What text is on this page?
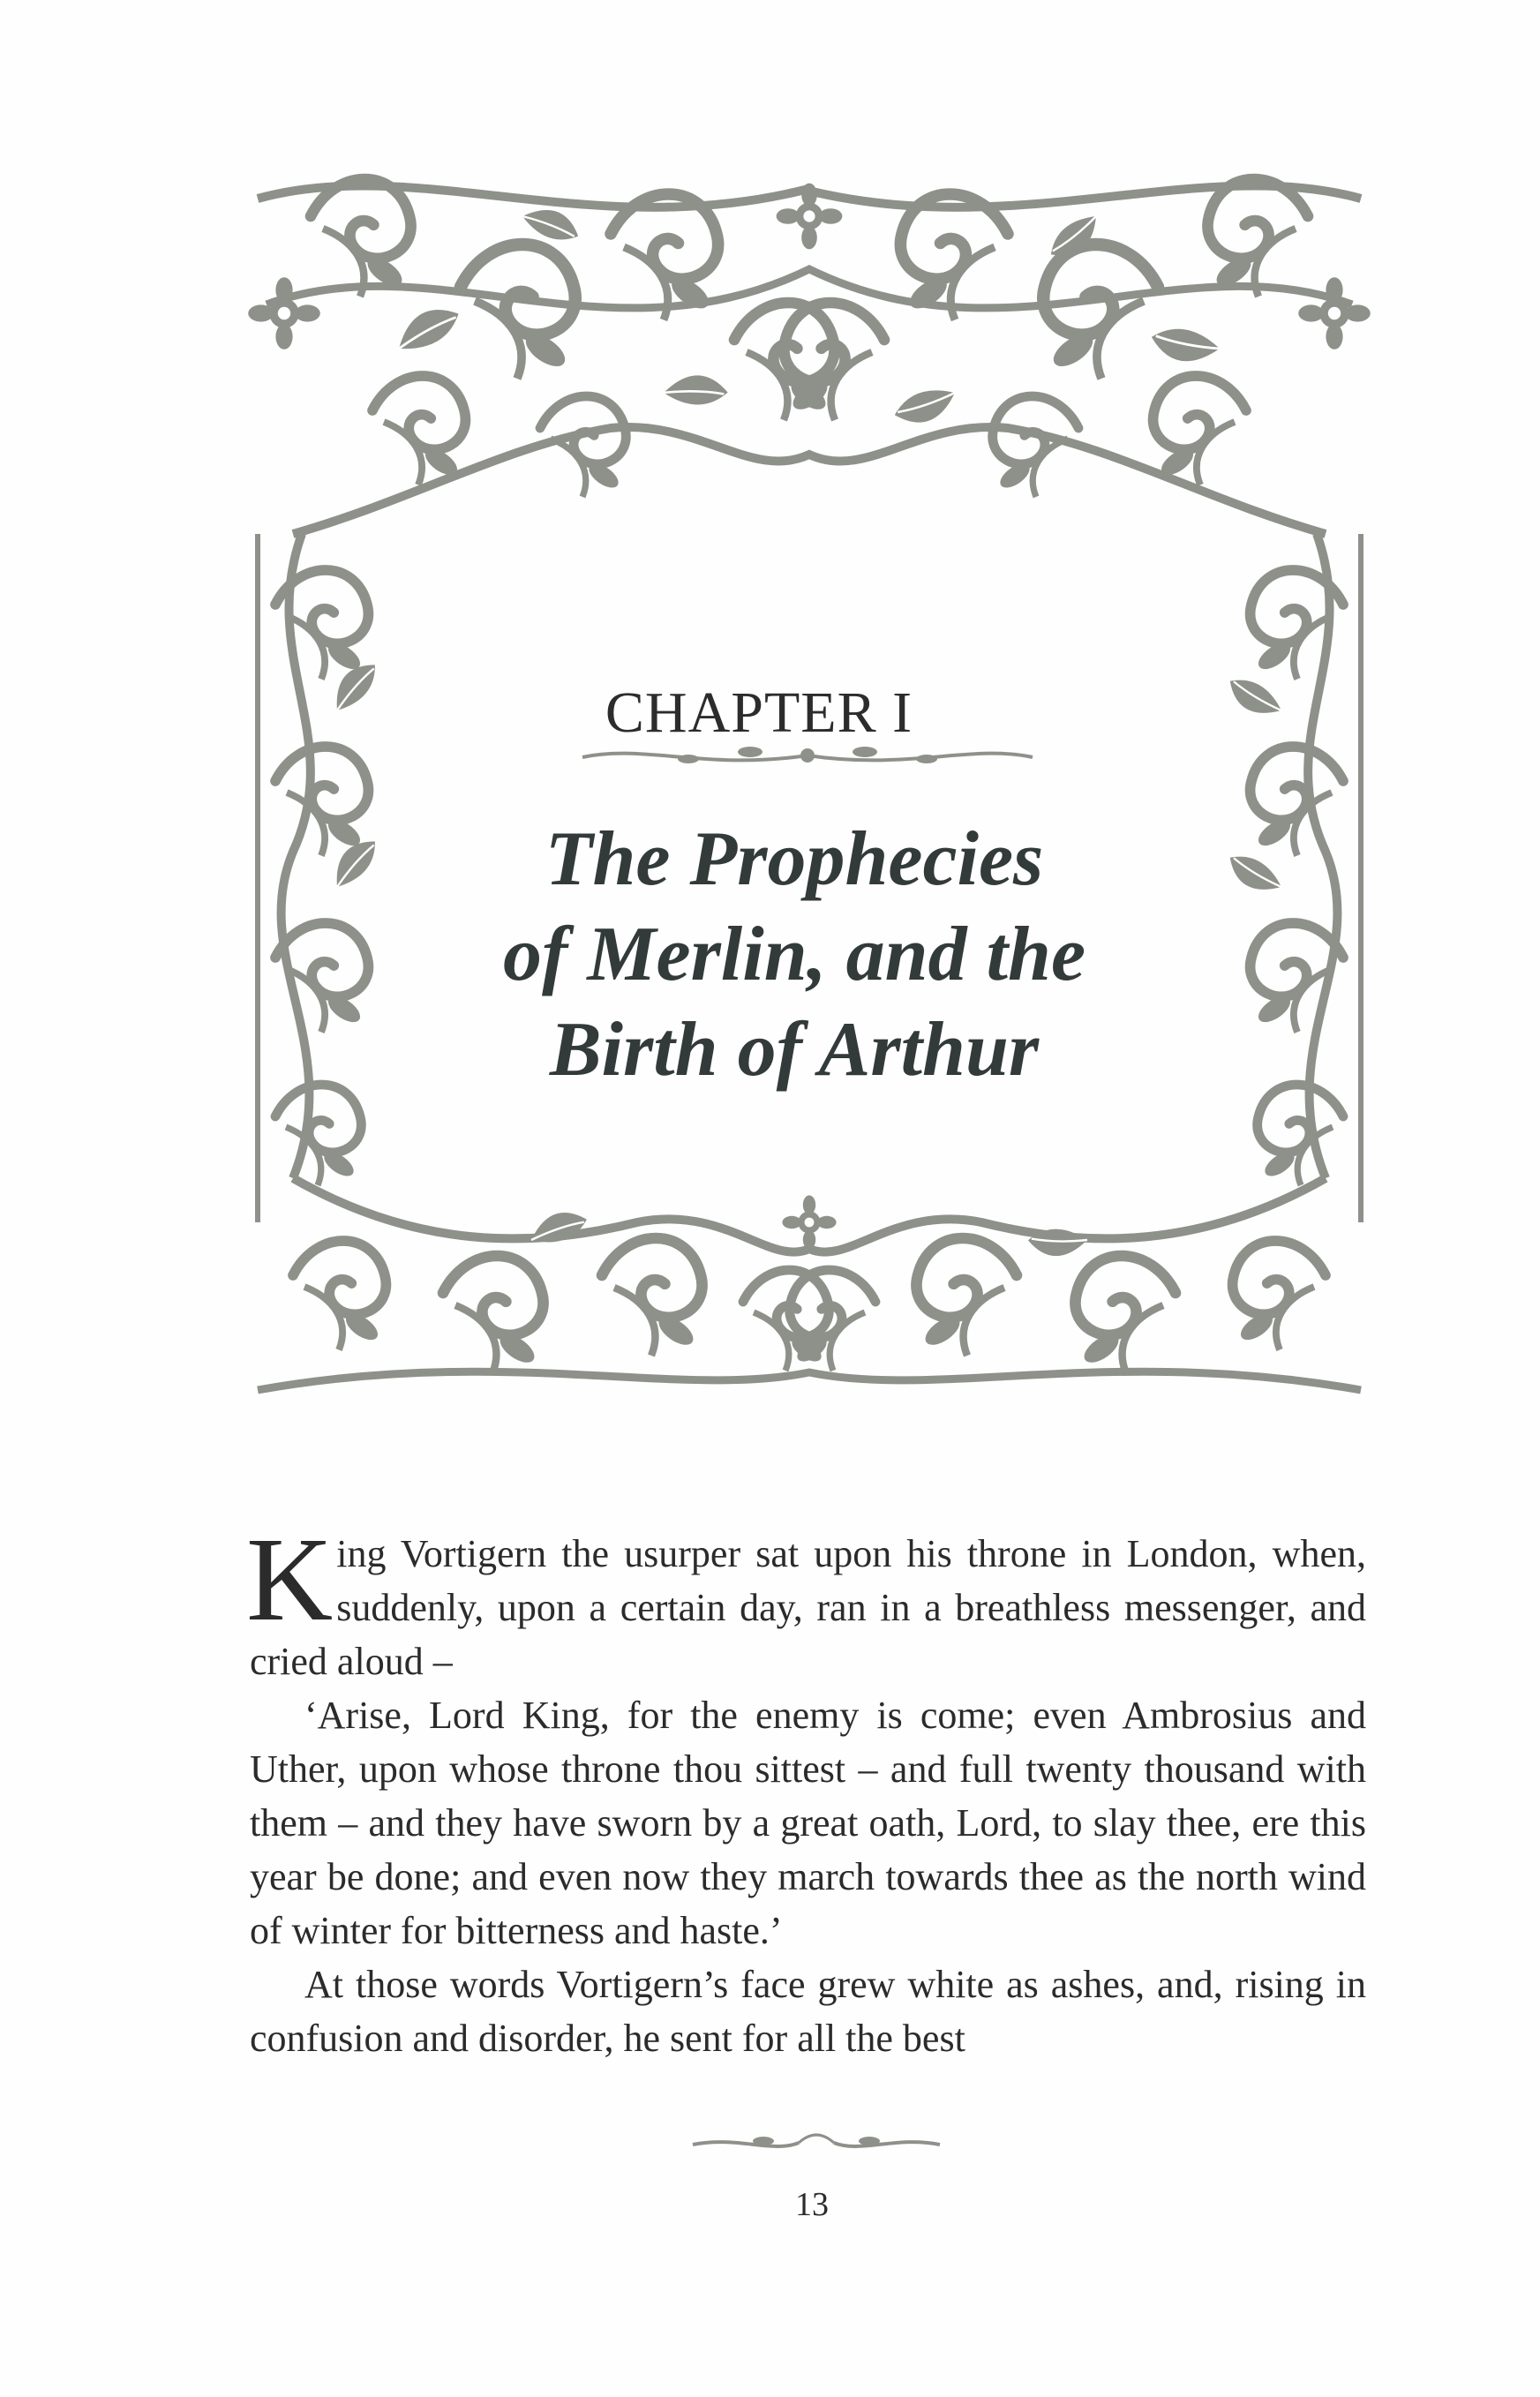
CHAPTER I
The Prophecies
of Merlin, and the
Birth of Arthur

King Vortigern the usurper sat upon his throne in London, when, suddenly, upon a certain day, ran in a breathless messenger, and cried aloud –

‘Arise, Lord King, for the enemy is come; even Ambrosius and Uther, upon whose throne thou sittest – and full twenty thousand with them – and they have sworn by a great oath, Lord, to slay thee, ere this year be done; and even now they march towards thee as the north wind of winter for bitterness and haste.’

At those words Vortigern’s face grew white as ashes, and, rising in confusion and disorder, he sent for all the best

13
